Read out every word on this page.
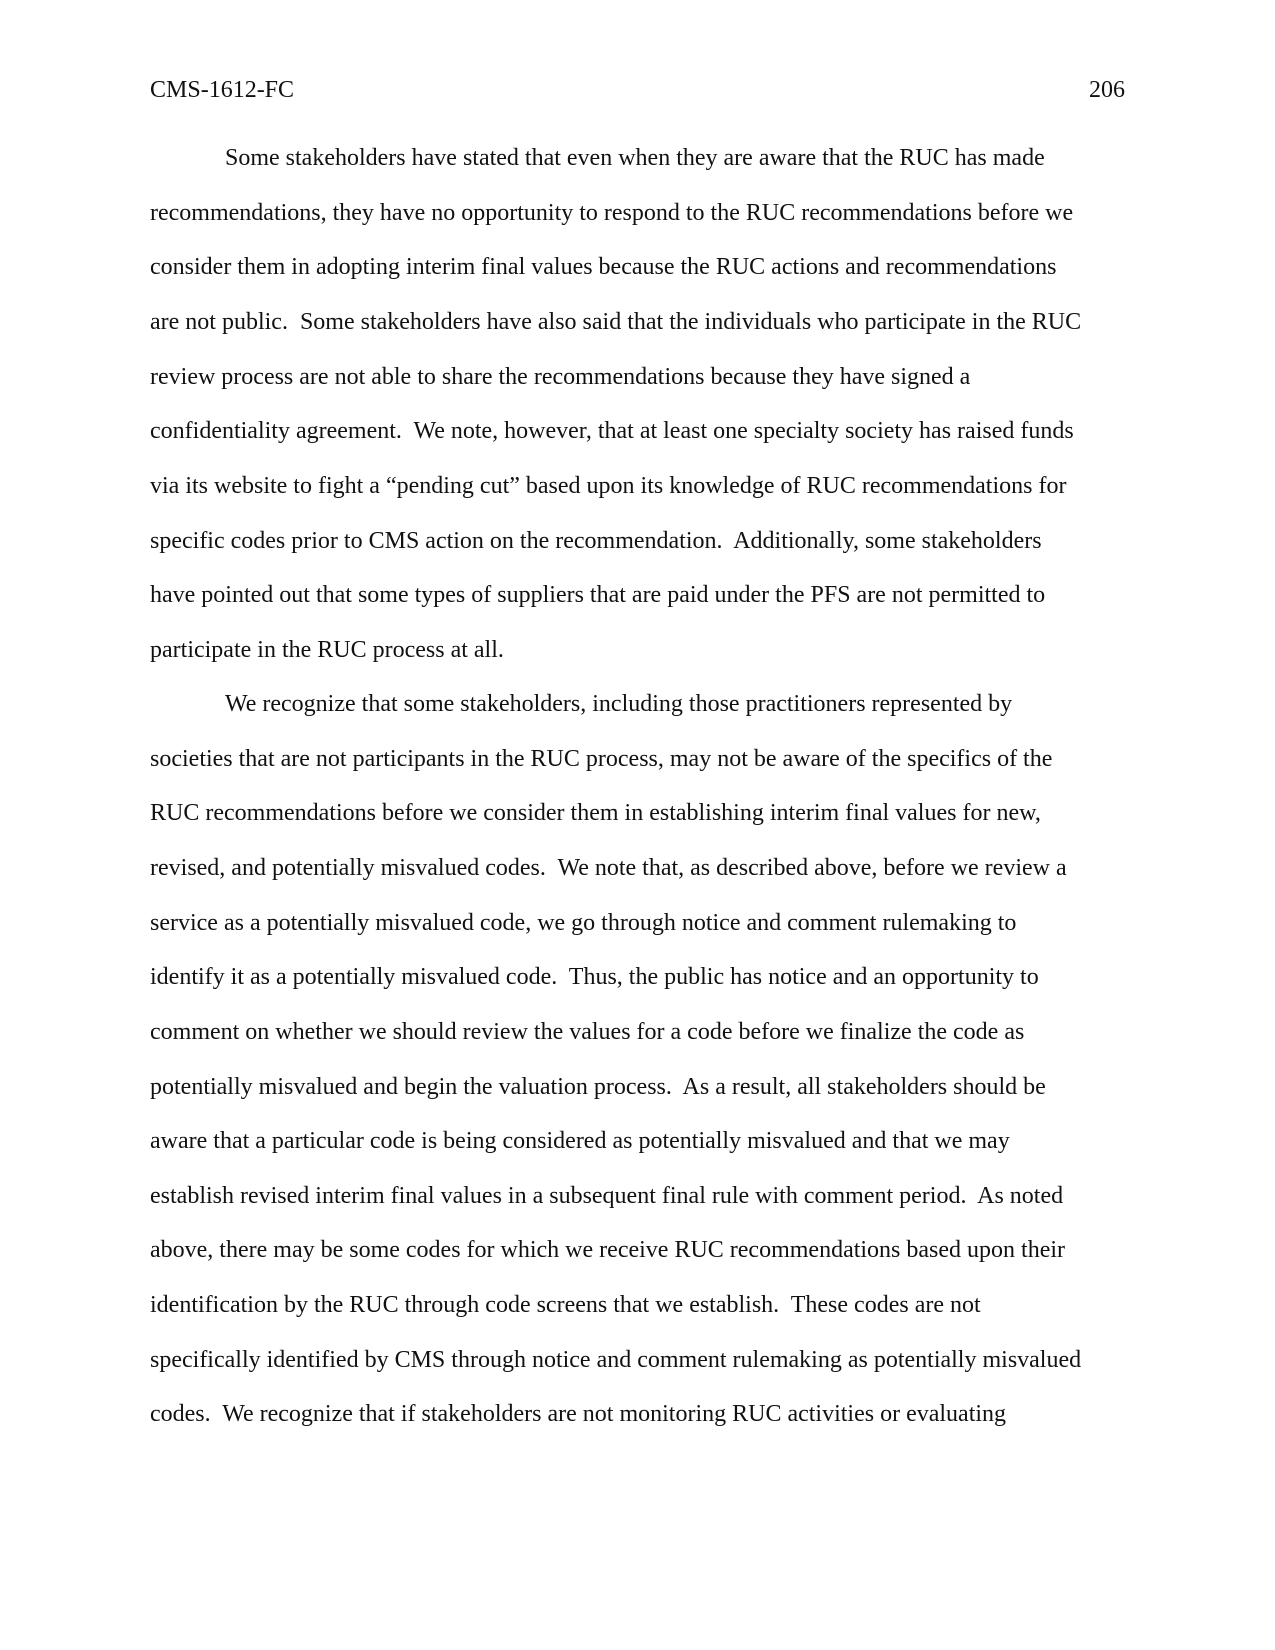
CMS-1612-FC	206
Some stakeholders have stated that even when they are aware that the RUC has made
recommendations, they have no opportunity to respond to the RUC recommendations before we
consider them in adopting interim final values because the RUC actions and recommendations
are not public.  Some stakeholders have also said that the individuals who participate in the RUC
review process are not able to share the recommendations because they have signed a
confidentiality agreement.  We note, however, that at least one specialty society has raised funds
via its website to fight a “pending cut” based upon its knowledge of RUC recommendations for
specific codes prior to CMS action on the recommendation.  Additionally, some stakeholders
have pointed out that some types of suppliers that are paid under the PFS are not permitted to
participate in the RUC process at all.
We recognize that some stakeholders, including those practitioners represented by
societies that are not participants in the RUC process, may not be aware of the specifics of the
RUC recommendations before we consider them in establishing interim final values for new,
revised, and potentially misvalued codes.  We note that, as described above, before we review a
service as a potentially misvalued code, we go through notice and comment rulemaking to
identify it as a potentially misvalued code.  Thus, the public has notice and an opportunity to
comment on whether we should review the values for a code before we finalize the code as
potentially misvalued and begin the valuation process.  As a result, all stakeholders should be
aware that a particular code is being considered as potentially misvalued and that we may
establish revised interim final values in a subsequent final rule with comment period.  As noted
above, there may be some codes for which we receive RUC recommendations based upon their
identification by the RUC through code screens that we establish.  These codes are not
specifically identified by CMS through notice and comment rulemaking as potentially misvalued
codes.  We recognize that if stakeholders are not monitoring RUC activities or evaluating
